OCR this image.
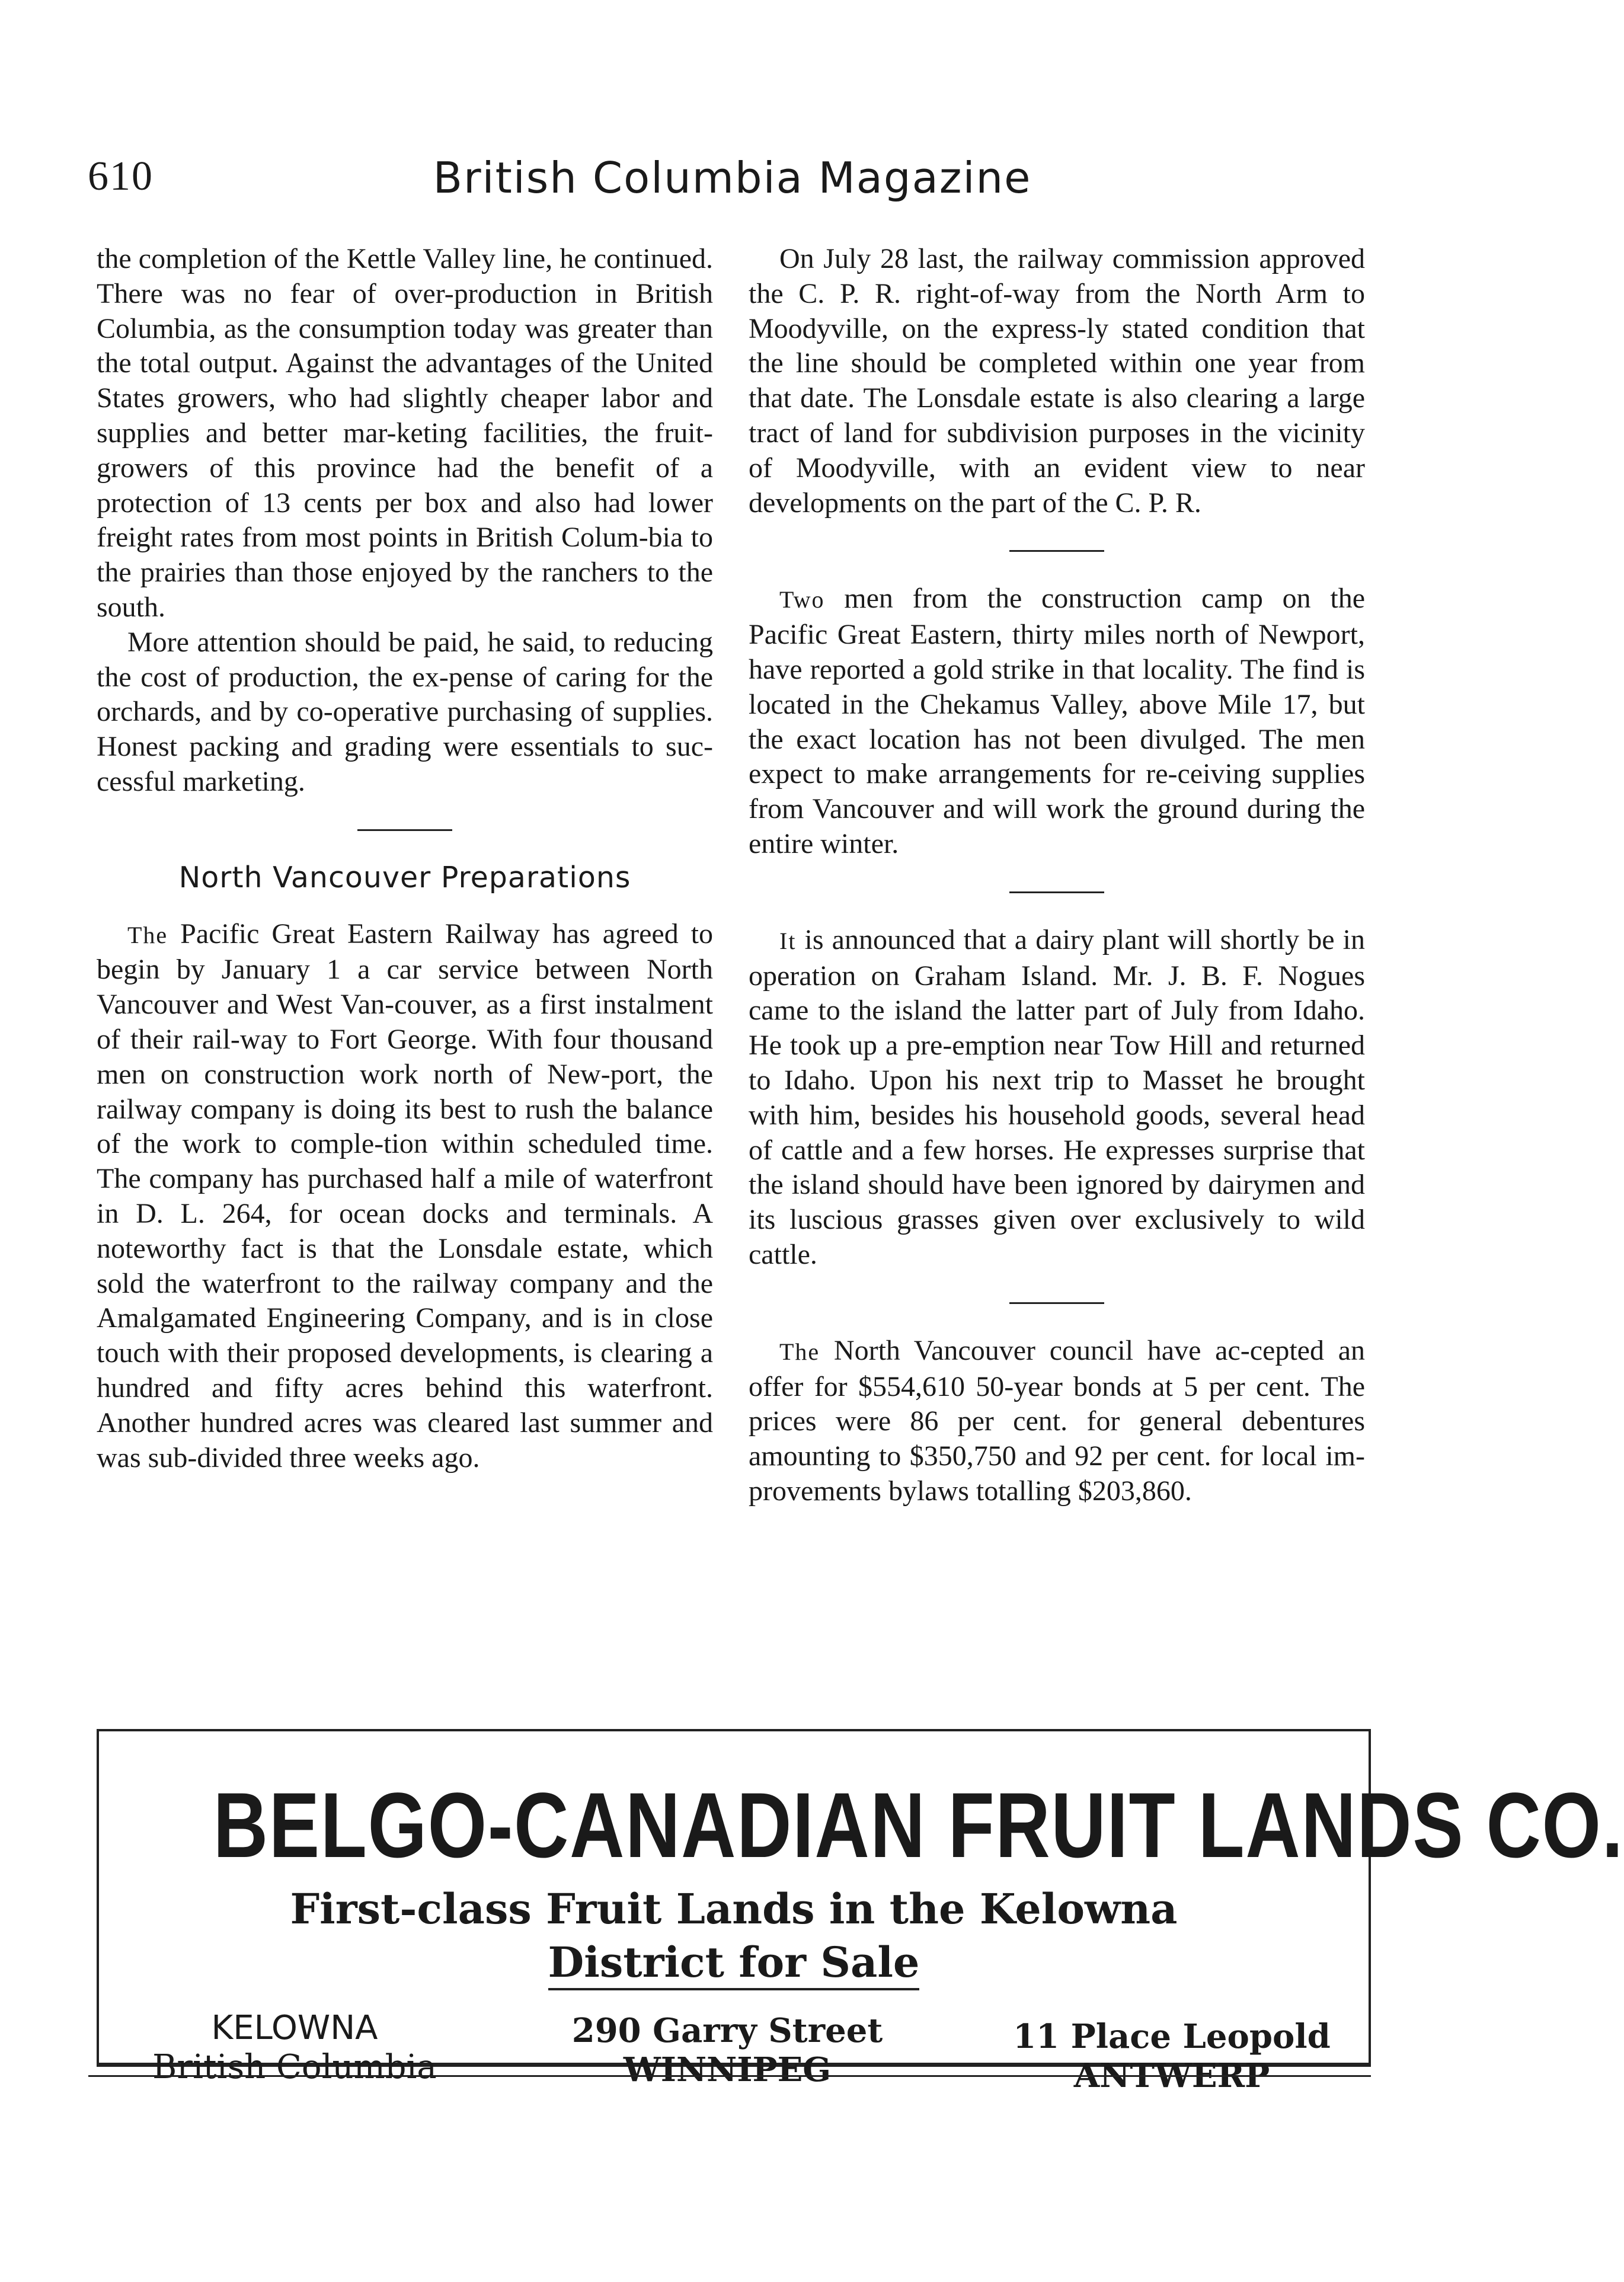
610	British Columbia Magazine

the completion of the Kettle Valley line, he continued. There was no fear of over-production in British Columbia, as the consumption today was greater than the total output. Against the advantages of the United States growers, who had slightly cheaper labor and supplies and better mar-keting facilities, the fruit-growers of this province had the benefit of a protection of 13 cents per box and also had lower freight rates from most points in British Colum-bia to the prairies than those enjoyed by the ranchers to the south.

More attention should be paid, he said, to reducing the cost of production, the ex-pense of caring for the orchards, and by co-operative purchasing of supplies. Honest packing and grading were essentials to suc-cessful marketing.

North Vancouver Preparations

The Pacific Great Eastern Railway has agreed to begin by January 1 a car service between North Vancouver and West Van-couver, as a first instalment of their rail-way to Fort George. With four thousand men on construction work north of New-port, the railway company is doing its best to rush the balance of the work to comple-tion within scheduled time. The company has purchased half a mile of waterfront in D. L. 264, for ocean docks and terminals. A noteworthy fact is that the Lonsdale estate, which sold the waterfront to the railway company and the Amalgamated Engineering Company, and is in close touch with their proposed developments, is clearing a hundred and fifty acres behind this waterfront. Another hundred acres was cleared last summer and was sub-divided three weeks ago.

On July 28 last, the railway commission approved the C. P. R. right-of-way from the North Arm to Moodyville, on the express-ly stated condition that the line should be completed within one year from that date. The Lonsdale estate is also clearing a large tract of land for subdivision purposes in the vicinity of Moodyville, with an evident view to near developments on the part of the C. P. R.

Two men from the construction camp on the Pacific Great Eastern, thirty miles north of Newport, have reported a gold strike in that locality. The find is located in the Chekamus Valley, above Mile 17, but the exact location has not been divulged. The men expect to make arrangements for re-ceiving supplies from Vancouver and will work the ground during the entire winter.

It is announced that a dairy plant will shortly be in operation on Graham Island. Mr. J. B. F. Nogues came to the island the latter part of July from Idaho. He took up a pre-emption near Tow Hill and returned to Idaho. Upon his next trip to Masset he brought with him, besides his household goods, several head of cattle and a few horses. He expresses surprise that the island should have been ignored by dairymen and its luscious grasses given over exclusively to wild cattle.

The North Vancouver council have ac-cepted an offer for $554,610 50-year bonds at 5 per cent. The prices were 86 per cent. for general debentures amounting to $350,750 and 92 per cent. for local im-provements bylaws totalling $203,860.

BELGO-CANADIAN FRUIT LANDS CO.
First-class Fruit Lands in the Kelowna
District for Sale
KELOWNA
British Columbia
290 Garry Street
WINNIPEG
11 Place Leopold
ANTWERP
